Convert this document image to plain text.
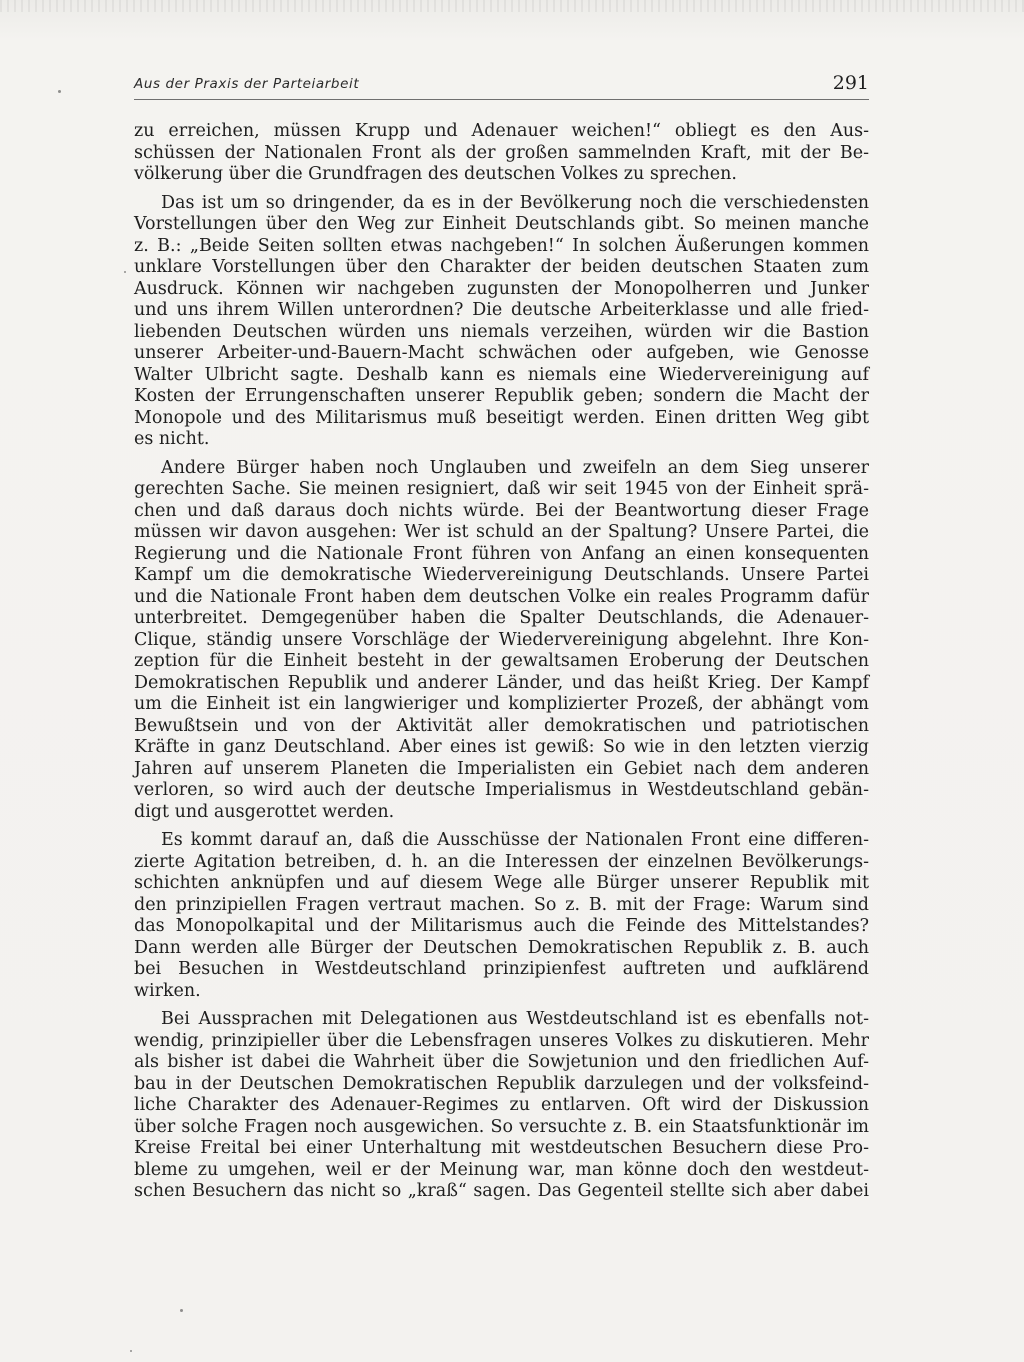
Aus der Praxis der Parteiarbeit	291
zu erreichen, müssen Krupp und Adenauer weichen!“ obliegt es den Aus-
schüssen der Nationalen Front als der großen sammelnden Kraft, mit der Be-
völkerung über die Grundfragen des deutschen Volkes zu sprechen.
Das ist um so dringender, da es in der Bevölkerung noch die verschiedensten
Vorstellungen über den Weg zur Einheit Deutschlands gibt. So meinen manche
z. B.: „Beide Seiten sollten etwas nachgeben!“ In solchen Äußerungen kommen
unklare Vorstellungen über den Charakter der beiden deutschen Staaten zum
Ausdruck. Können wir nachgeben zugunsten der Monopolherren und Junker
und uns ihrem Willen unterordnen? Die deutsche Arbeiterklasse und alle fried-
liebenden Deutschen würden uns niemals verzeihen, würden wir die Bastion
unserer Arbeiter-und-Bauern-Macht schwächen oder aufgeben, wie Genosse
Walter Ulbricht sagte. Deshalb kann es niemals eine Wiedervereinigung auf
Kosten der Errungenschaften unserer Republik geben; sondern die Macht der
Monopole und des Militarismus muß beseitigt werden. Einen dritten Weg gibt
es nicht.
Andere Bürger haben noch Unglauben und zweifeln an dem Sieg unserer
gerechten Sache. Sie meinen resigniert, daß wir seit 1945 von der Einheit sprä-
chen und daß daraus doch nichts würde. Bei der Beantwortung dieser Frage
müssen wir davon ausgehen: Wer ist schuld an der Spaltung? Unsere Partei, die
Regierung und die Nationale Front führen von Anfang an einen konsequenten
Kampf um die demokratische Wiedervereinigung Deutschlands. Unsere Partei
und die Nationale Front haben dem deutschen Volke ein reales Programm dafür
unterbreitet. Demgegenüber haben die Spalter Deutschlands, die Adenauer-
Clique, ständig unsere Vorschläge der Wiedervereinigung abgelehnt. Ihre Kon-
zeption für die Einheit besteht in der gewaltsamen Eroberung der Deutschen
Demokratischen Republik und anderer Länder, und das heißt Krieg. Der Kampf
um die Einheit ist ein langwieriger und komplizierter Prozeß, der abhängt vom
Bewußtsein und von der Aktivität aller demokratischen und patriotischen
Kräfte in ganz Deutschland. Aber eines ist gewiß: So wie in den letzten vierzig
Jahren auf unserem Planeten die Imperialisten ein Gebiet nach dem anderen
verloren, so wird auch der deutsche Imperialismus in Westdeutschland gebän-
digt und ausgerottet werden.
Es kommt darauf an, daß die Ausschüsse der Nationalen Front eine differen-
zierte Agitation betreiben, d. h. an die Interessen der einzelnen Bevölkerungs-
schichten anknüpfen und auf diesem Wege alle Bürger unserer Republik mit
den prinzipiellen Fragen vertraut machen. So z. B. mit der Frage: Warum sind
das Monopolkapital und der Militarismus auch die Feinde des Mittelstandes?
Dann werden alle Bürger der Deutschen Demokratischen Republik z. B. auch
bei Besuchen in Westdeutschland prinzipienfest auftreten und aufklärend
wirken.
Bei Aussprachen mit Delegationen aus Westdeutschland ist es ebenfalls not-
wendig, prinzipieller über die Lebensfragen unseres Volkes zu diskutieren. Mehr
als bisher ist dabei die Wahrheit über die Sowjetunion und den friedlichen Auf-
bau in der Deutschen Demokratischen Republik darzulegen und der volksfeind-
liche Charakter des Adenauer-Regimes zu entlarven. Oft wird der Diskussion
über solche Fragen noch ausgewichen. So versuchte z. B. ein Staatsfunktionär im
Kreise Freital bei einer Unterhaltung mit westdeutschen Besuchern diese Pro-
bleme zu umgehen, weil er der Meinung war, man könne doch den westdeut-
schen Besuchern das nicht so „kraß“ sagen. Das Gegenteil stellte sich aber dabei
